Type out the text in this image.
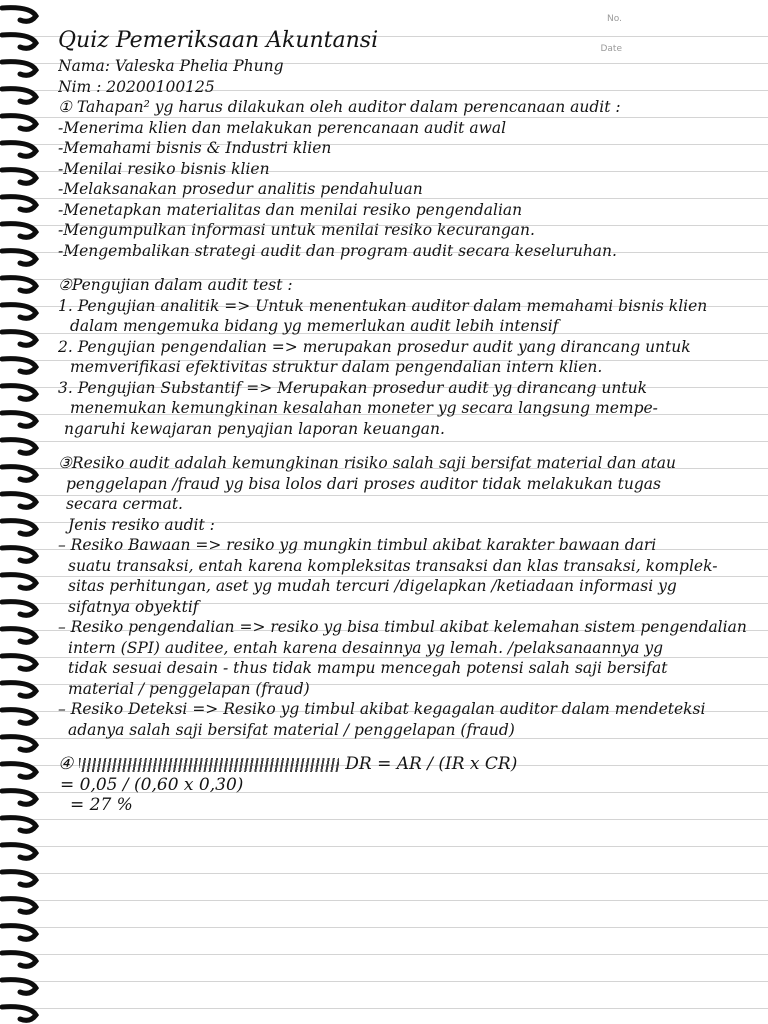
No.
Date
Quiz Pemeriksaan Akuntansi
Nama: Valeska Phelia Phung
Nim : 20200100125
① Tahapan² yg harus dilakukan oleh auditor dalam perencanaan audit :
-Menerima klien dan melakukan perencanaan audit awal
-Memahami bisnis & Industri klien
-Menilai resiko bisnis klien
-Melaksanakan prosedur analitis pendahuluan
-Menetapkan materialitas dan menilai resiko pengendalian
-Mengumpulkan informasi untuk menilai resiko kecurangan.
-Mengembalikan strategi audit dan program audit secara keseluruhan.
②Pengujian dalam audit test :
1. Pengujian analitik => Untuk menentukan auditor dalam memahami bisnis klien
dalam mengemuka bidang yg memerlukan audit lebih intensif
2. Pengujian pengendalian => merupakan prosedur audit yang dirancang untuk
memverifikasi efektivitas struktur dalam pengendalian intern klien.
3. Pengujian Substantif => Merupakan prosedur audit yg dirancang untuk
menemukan kemungkinan kesalahan moneter yg secara langsung mempe-
ngaruhi kewajaran penyajian laporan keuangan.
③Resiko audit adalah kemungkinan risiko salah saji bersifat material dan atau
penggelapan /fraud yg bisa lolos dari proses auditor tidak melakukan tugas
secara cermat.
Jenis resiko audit :
– Resiko Bawaan => resiko yg mungkin timbul akibat karakter bawaan dari
suatu transaksi, entah karena kompleksitas transaksi dan klas transaksi, komplek-
sitas perhitungan, aset yg mudah tercuri /digelapkan /ketiadaan informasi yg
sifatnya obyektif
– Resiko pengendalian => resiko yg bisa timbul akibat kelemahan sistem pengendalian
intern (SPI) auditee, entah karena desainnya yg lemah. /pelaksanaannya yg
tidak sesuai desain - thus tidak mampu mencegah potensi salah saji bersifat
material / penggelapan (fraud)
– Resiko Deteksi => Resiko yg timbul akibat kegagalan auditor dalam mendeteksi
adanya salah saji bersifat material / penggelapan (fraud)
④	DR = AR / (IR x CR)
= 0,05 / (0,60 x 0,30)
= 27 %
